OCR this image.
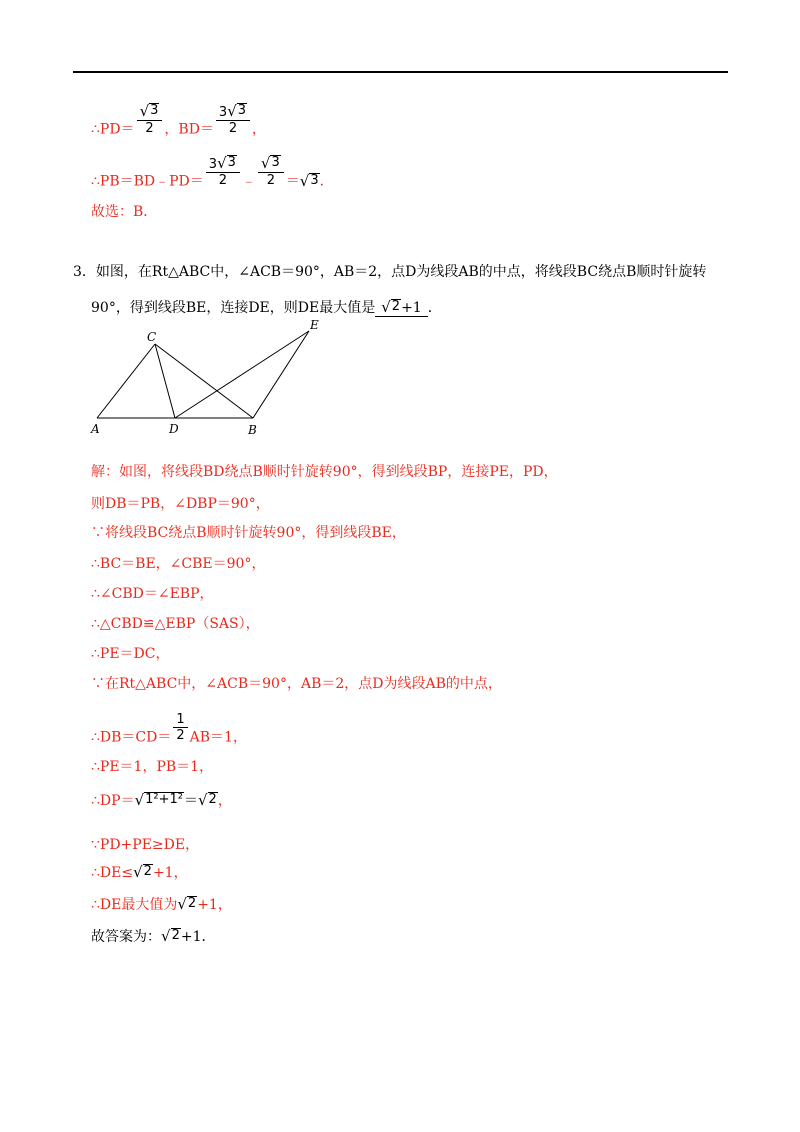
∴PD＝ $\frac{√ 3}{2}$ ，$BD= \frac{3 √ 3}{2}$ ，
∴PB＝BD﹣PD＝ $\frac{3 √ 3}{2}$ ﹣ $\frac{√ 3}{2}$ ＝ √ 3 ．
故选：B．
3．如图，在Rt△ABC中，∠ACB＝90°，AB＝2，点D为线段AB的中点，将线段BC绕点B顺时针旋转
90°，得到线段BE，连接DE，则DE最大值是 √ 2 +1 ．
C
E
A	D	B
解：如图，将线段BD绕点B顺时针旋转90°，得到线段BP，连接PE，PD，
则DB＝PB，∠DBP＝90°，
∵将线段BC绕点B顺时针旋转90°，得到线段BE，
∴BC＝BE，∠CBE＝90°，
∴∠CBD＝∠EBP，
∴△CBD≌△EBP（SAS），
∴PE＝DC，
∵在Rt△ABC中，∠ACB＝90°，AB＝2，点D为线段AB的中点，
∴DB＝CD＝ $\frac{1}{2} AB=1$，
∴PE＝1，PB＝1，
∴DP＝ √ 1²+1² ＝ √ 2 ，
∵PD+PE≥DE，
∴DE≤ √ 2 +1，
∴DE最大值为 √ 2 +1，
故答案为： √ 2 +1．
